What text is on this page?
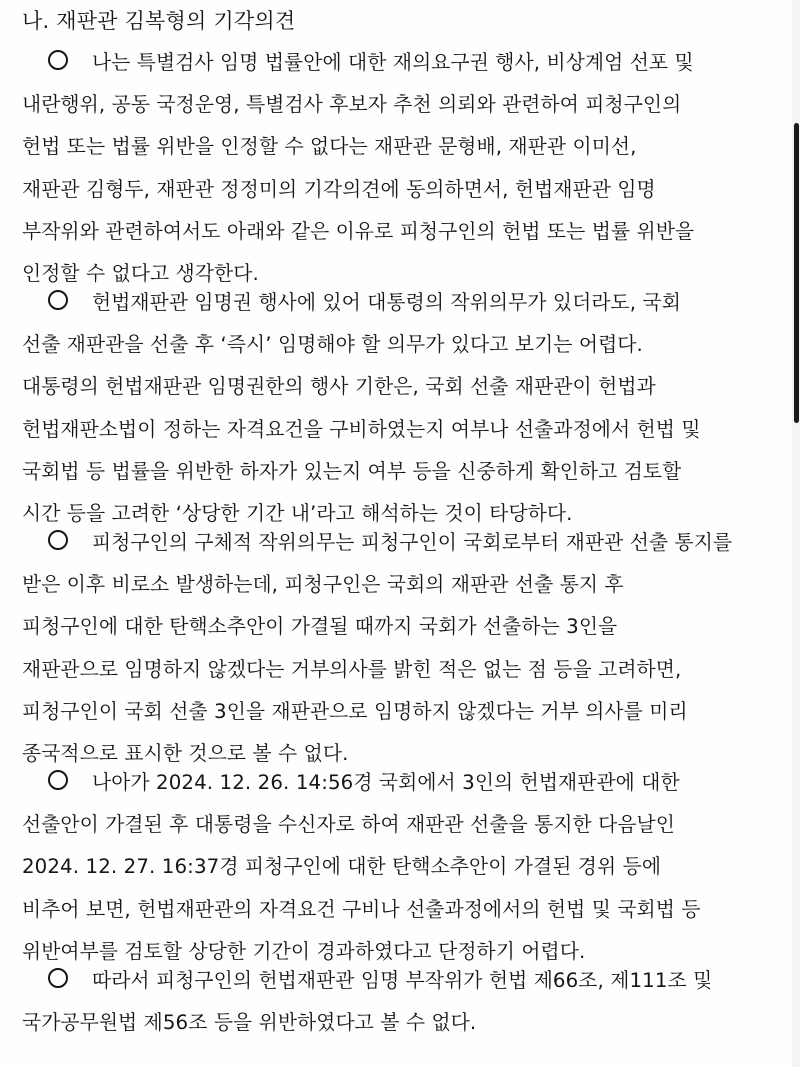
나. 재판관 김복형의 기각의견
나는 특별검사 임명 법률안에 대한 재의요구권 행사, 비상계엄 선포 및
내란행위, 공동 국정운영, 특별검사 후보자 추천 의뢰와 관련하여 피청구인의
헌법 또는 법률 위반을 인정할 수 없다는 재판관 문형배, 재판관 이미선,
재판관 김형두, 재판관 정정미의 기각의견에 동의하면서, 헌법재판관 임명
부작위와 관련하여서도 아래와 같은 이유로 피청구인의 헌법 또는 법률 위반을
인정할 수 없다고 생각한다.
헌법재판관 임명권 행사에 있어 대통령의 작위의무가 있더라도, 국회
선출 재판관을 선출 후 ‘즉시’ 임명해야 할 의무가 있다고 보기는 어렵다.
대통령의 헌법재판관 임명권한의 행사 기한은, 국회 선출 재판관이 헌법과
헌법재판소법이 정하는 자격요건을 구비하였는지 여부나 선출과정에서 헌법 및
국회법 등 법률을 위반한 하자가 있는지 여부 등을 신중하게 확인하고 검토할
시간 등을 고려한 ‘상당한 기간 내’라고 해석하는 것이 타당하다.
피청구인의 구체적 작위의무는 피청구인이 국회로부터 재판관 선출 통지를
받은 이후 비로소 발생하는데, 피청구인은 국회의 재판관 선출 통지 후
피청구인에 대한 탄핵소추안이 가결될 때까지 국회가 선출하는 3인을
재판관으로 임명하지 않겠다는 거부의사를 밝힌 적은 없는 점 등을 고려하면,
피청구인이 국회 선출 3인을 재판관으로 임명하지 않겠다는 거부 의사를 미리
종국적으로 표시한 것으로 볼 수 없다.
나아가 2024. 12. 26. 14:56경 국회에서 3인의 헌법재판관에 대한
선출안이 가결된 후 대통령을 수신자로 하여 재판관 선출을 통지한 다음날인
2024. 12. 27. 16:37경 피청구인에 대한 탄핵소추안이 가결된 경위 등에
비추어 보면, 헌법재판관의 자격요건 구비나 선출과정에서의 헌법 및 국회법 등
위반여부를 검토할 상당한 기간이 경과하였다고 단정하기 어렵다.
따라서 피청구인의 헌법재판관 임명 부작위가 헌법 제66조, 제111조 및
국가공무원법 제56조 등을 위반하였다고 볼 수 없다.
